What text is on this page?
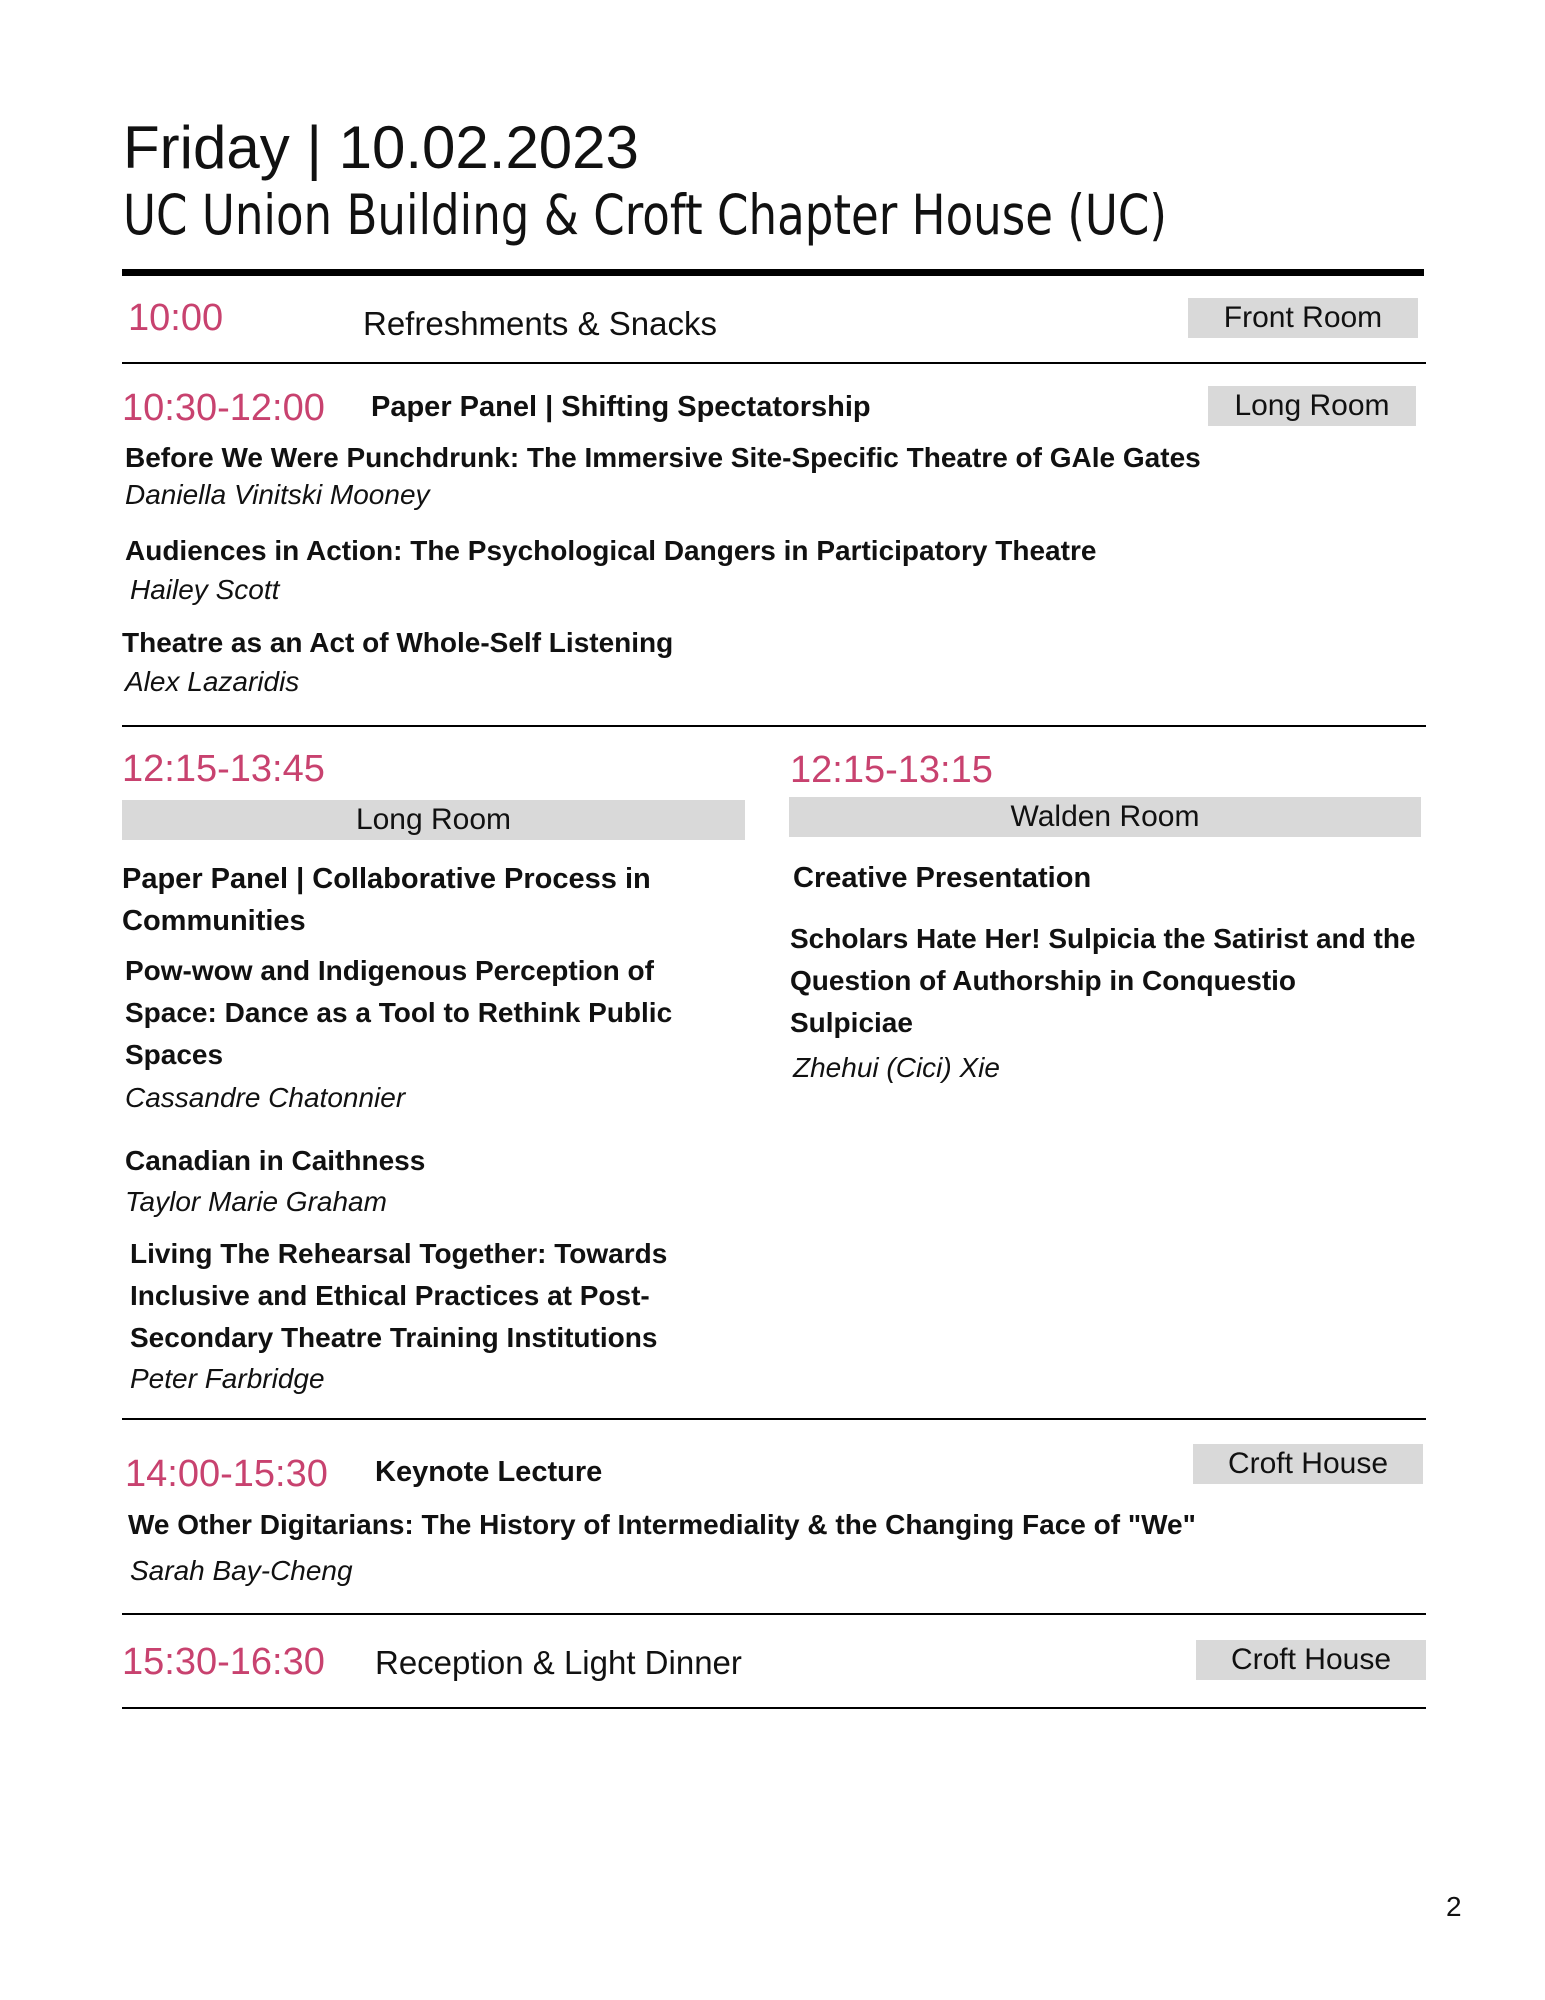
Friday | 10.02.2023
UC Union Building & Croft Chapter House (UC)
10:00	Refreshments & Snacks	Front Room
10:30-12:00 Paper Panel | Shifting Spectatorship	Long Room
Before We Were Punchdrunk: The Immersive Site-Specific Theatre of GAle Gates
Daniella Vinitski Mooney
Audiences in Action: The Psychological Dangers in Participatory Theatre
Hailey Scott
Theatre as an Act of Whole-Self Listening
Alex Lazaridis
12:15-13:45
Long Room
Paper Panel | Collaborative Process in Communities
Pow-wow and Indigenous Perception of Space: Dance as a Tool to Rethink Public Spaces
Cassandre Chatonnier
Canadian in Caithness
Taylor Marie Graham
Living The Rehearsal Together: Towards Inclusive and Ethical Practices at Post-Secondary Theatre Training Institutions
Peter Farbridge
12:15-13:15
Walden Room
Creative Presentation
Scholars Hate Her! Sulpicia the Satirist and the Question of Authorship in Conquestio Sulpiciae
Zhehui (Cici) Xie
14:00-15:30 Keynote Lecture	Croft House
We Other Digitarians: The History of Intermediality & the Changing Face of "We"
Sarah Bay-Cheng
15:30-16:30 Reception & Light Dinner	Croft House
2
